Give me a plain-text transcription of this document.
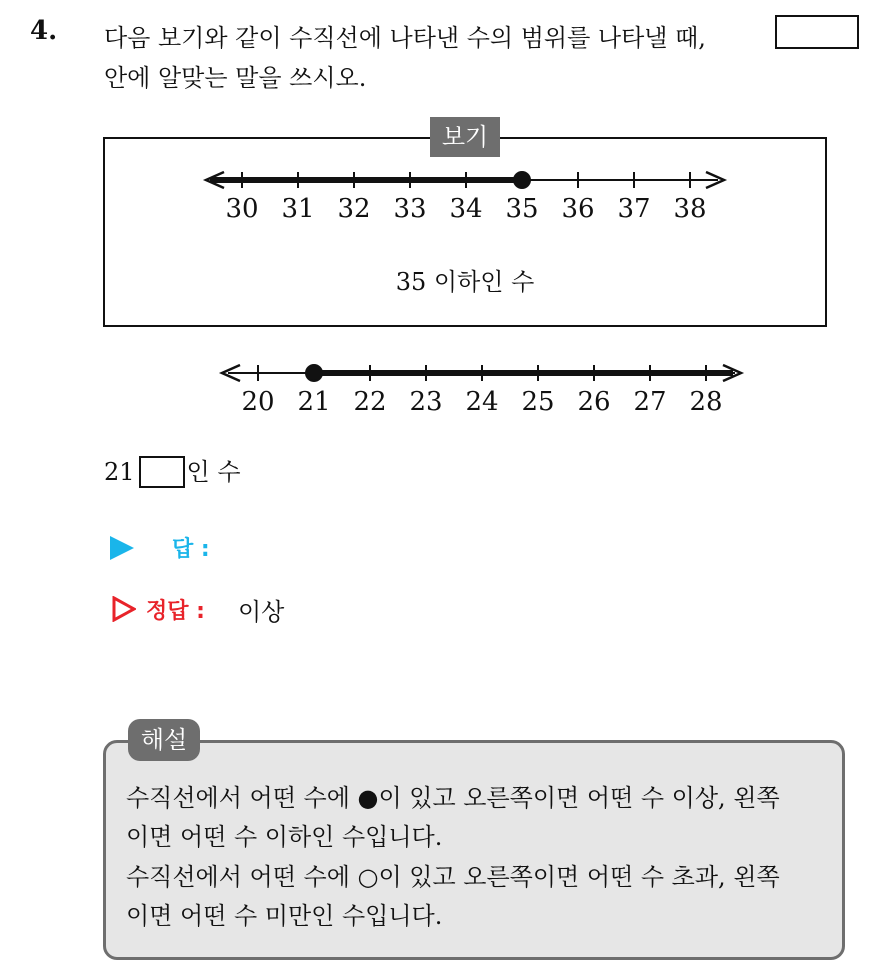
4. 다음 보기와 같이 수직선에 나타낸 수의 범위를 나타낼 때,
안에 알맞는 말을 쓰시오.
보기
30 31 32 33 34 35 36 37 38
35 이하인 수
20 21 22 23 24 25 26 27 28
21 인 수
답 :
정답 : 이상
해설
수직선에서 어떤 수에 ●이 있고 오른쪽이면 어떤 수 이상, 왼쪽
이면 어떤 수 이하인 수입니다.
수직선에서 어떤 수에 ○이 있고 오른쪽이면 어떤 수 초과, 왼쪽
이면 어떤 수 미만인 수입니다.
